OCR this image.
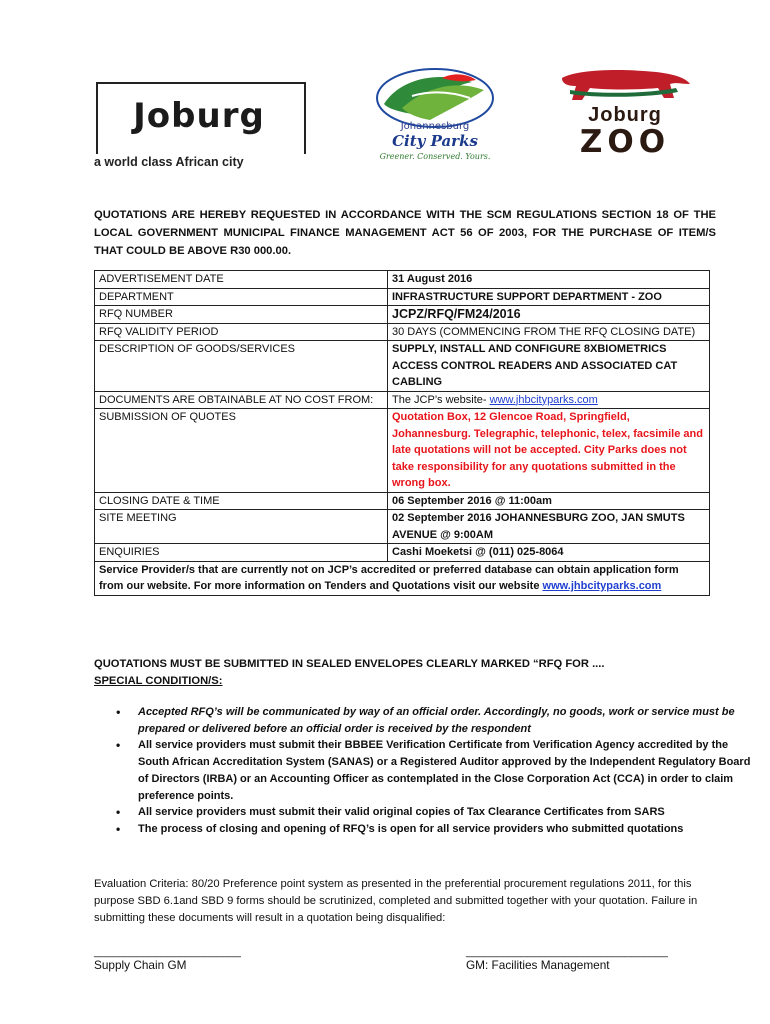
Joburg
a world class African city
Johannesburg
City Parks
Greener. Conserved. Yours.
Joburg
ZOO
QUOTATIONS ARE HEREBY REQUESTED IN ACCORDANCE WITH THE SCM REGULATIONS SECTION 18 OF THE LOCAL GOVERNMENT MUNICIPAL FINANCE MANAGEMENT ACT 56 OF 2003, FOR THE PURCHASE OF ITEM/S THAT COULD BE ABOVE R30 000.00.
ADVERTISEMENT DATE	31 August 2016
DEPARTMENT	INFRASTRUCTURE SUPPORT DEPARTMENT - ZOO
RFQ NUMBER	JCPZ/RFQ/FM24/2016
RFQ VALIDITY PERIOD	30 DAYS (COMMENCING FROM THE RFQ CLOSING DATE)
DESCRIPTION OF GOODS/SERVICES	SUPPLY, INSTALL AND CONFIGURE 8XBIOMETRICS ACCESS CONTROL READERS AND ASSOCIATED CAT CABLING
DOCUMENTS ARE OBTAINABLE AT NO COST FROM:	The JCP’s website- www.jhbcityparks.com
SUBMISSION OF QUOTES	Quotation Box, 12 Glencoe Road, Springfield, Johannesburg. Telegraphic, telephonic, telex, facsimile and late quotations will not be accepted. City Parks does not take responsibility for any quotations submitted in the wrong box.
CLOSING DATE & TIME	06 September 2016 @ 11:00am
SITE MEETING	02 September 2016 JOHANNESBURG ZOO, JAN SMUTS AVENUE @ 9:00AM
ENQUIRIES	Cashi Moeketsi @ (011) 025-8064
Service Provider/s that are currently not on JCP’s accredited or preferred database can obtain application form from our website. For more information on Tenders and Quotations visit our website www.jhbcityparks.com	
QUOTATIONS MUST BE SUBMITTED IN SEALED ENVELOPES CLEARLY MARKED “RFQ FOR ....
SPECIAL CONDITION/S:
• Accepted RFQ’s will be communicated by way of an official order. Accordingly, no goods, work or service must be prepared or delivered before an official order is received by the respondent
• All service providers must submit their BBBEE Verification Certificate from Verification Agency accredited by the South African Accreditation System (SANAS) or a Registered Auditor approved by the Independent Regulatory Board of Directors (IRBA) or an Accounting Officer as contemplated in the Close Corporation Act (CCA) in order to claim preference points.
• All service providers must submit their valid original copies of Tax Clearance Certificates from SARS
• The process of closing and opening of RFQ’s is open for all service providers who submitted quotations
Evaluation Criteria: 80/20 Preference point system as presented in the preferential procurement regulations 2011, for this purpose SBD 6.1and SBD 9 forms should be scrutinized, completed and submitted together with your quotation. Failure in submitting these documents will result in a quotation being disqualified:
________________________
Supply Chain GM
_________________________________
GM: Facilities Management
